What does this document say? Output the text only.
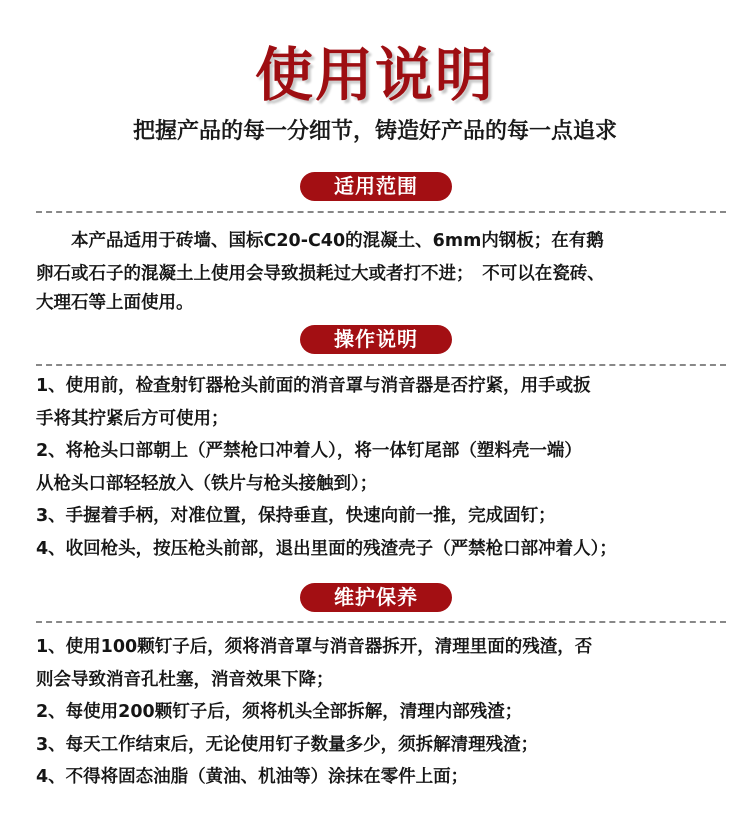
使用说明
把握产品的每一分细节，铸造好产品的每一点追求
适用范围

　　本产品适用于砖墙、国标C20-C40的混凝土、6mm内钢板；在有鹅

卵石或石子的混凝土上使用会导致损耗过大或者打不进；　不可以在瓷砖、

大理石等上面使用。

操作说明

1、使用前，检查射钉器枪头前面的消音罩与消音器是否拧紧，用手或扳

手将其拧紧后方可使用；

2、将枪头口部朝上（严禁枪口冲着人），将一体钉尾部（塑料壳一端）

从枪头口部轻轻放入（铁片与枪头接触到）；

3、手握着手柄，对准位置，保持垂直，快速向前一推，完成固钉；

4、收回枪头，按压枪头前部，退出里面的残渣壳子（严禁枪口部冲着人）；

维护保养

1、使用100颗钉子后，须将消音罩与消音器拆开，清理里面的残渣，否

则会导致消音孔杜塞，消音效果下降；

2、每使用200颗钉子后，须将机头全部拆解，清理内部残渣；

3、每天工作结束后，无论使用钉子数量多少，须拆解清理残渣；

4、不得将固态油脂（黄油、机油等）涂抹在零件上面；
